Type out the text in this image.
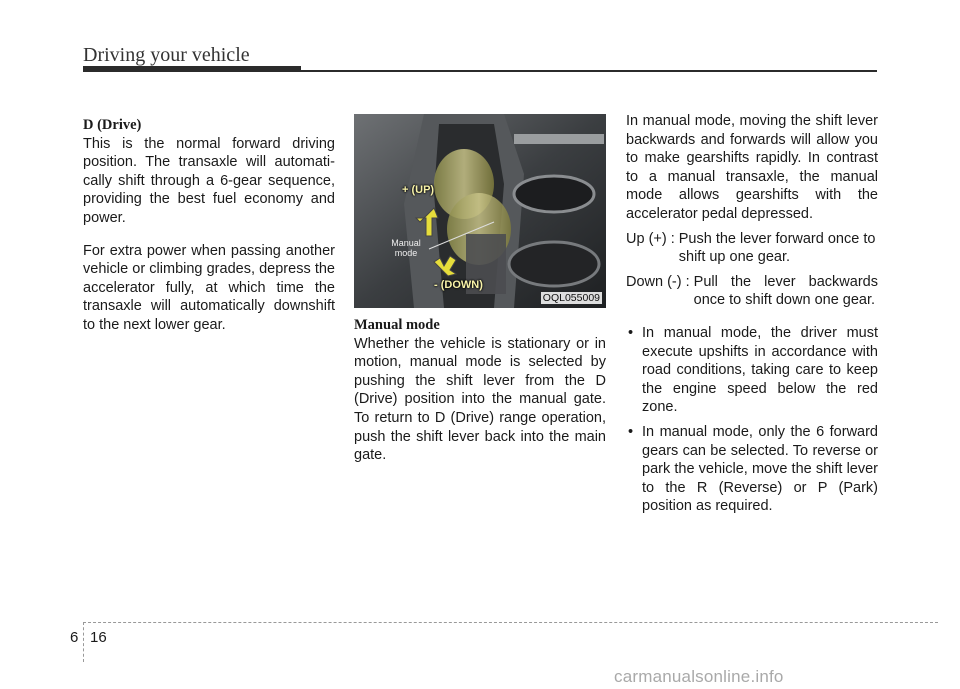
Driving your vehicle

D (Drive)

This is the normal forward driving position. The transaxle will automatically shift through a 6-gear sequence, providing the best fuel economy and power.

For extra power when passing another vehicle or climbing grades, depress the accelerator fully, at which time the transaxle will automatically downshift to the next lower gear.

+ (UP)
- (DOWN)
Manual mode
OQL055009

Manual mode

Whether the vehicle is stationary or in motion, manual mode is selected by pushing the shift lever from the D (Drive) position into the manual gate. To return to D (Drive) range operation, push the shift lever back into the main gate.

In manual mode, moving the shift lever backwards and forwards will allow you to make gearshifts rapidly. In contrast to a manual transaxle, the manual mode allows gearshifts with the accelerator pedal depressed.

Up (+) : Push the lever forward once to shift up one gear.
Down (-) : Pull the lever backwards once to shift down one gear.
• In manual mode, the driver must execute upshifts in accordance with road conditions, taking care to keep the engine speed below the red zone.
• In manual mode, only the 6 forward gears can be selected. To reverse or park the vehicle, move the shift lever to the R (Reverse) or P (Park) position as required.
6 16
carmanualsonline.info
